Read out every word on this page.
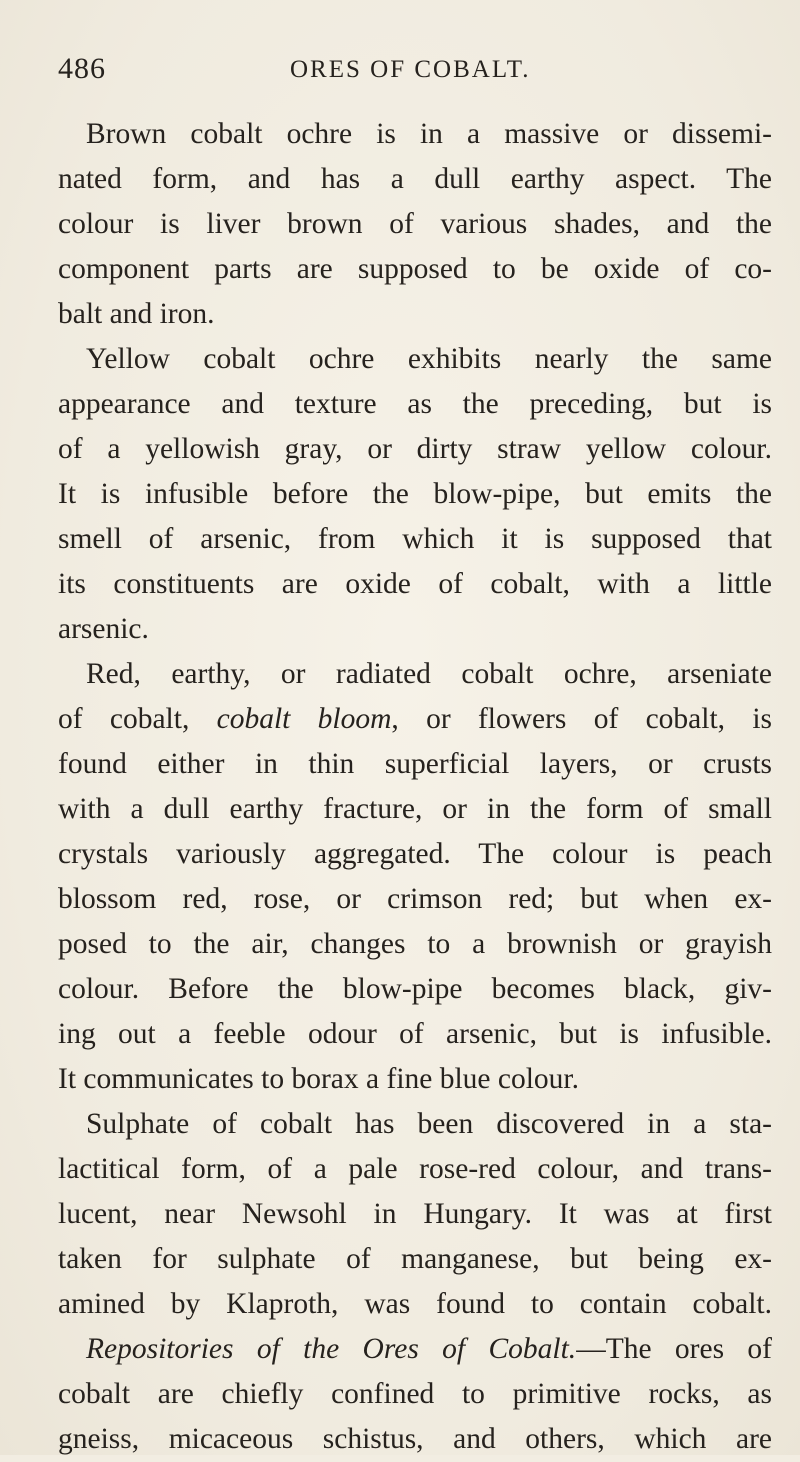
486	ORES OF COBALT.
Brown cobalt ochre is in a massive or dissemi-
nated form, and has a dull earthy aspect. The
colour is liver brown of various shades, and the
component parts are supposed to be oxide of co-
balt and iron.
Yellow cobalt ochre exhibits nearly the same
appearance and texture as the preceding, but is
of a yellowish gray, or dirty straw yellow colour.
It is infusible before the blow-pipe, but emits the
smell of arsenic, from which it is supposed that
its constituents are oxide of cobalt, with a little
arsenic.
Red, earthy, or radiated cobalt ochre, arseniate
of cobalt, cobalt bloom, or flowers of cobalt, is
found either in thin superficial layers, or crusts
with a dull earthy fracture, or in the form of small
crystals variously aggregated. The colour is peach
blossom red, rose, or crimson red; but when ex-
posed to the air, changes to a brownish or grayish
colour. Before the blow-pipe becomes black, giv-
ing out a feeble odour of arsenic, but is infusible.
It communicates to borax a fine blue colour.
Sulphate of cobalt has been discovered in a sta-
lactitical form, of a pale rose-red colour, and trans-
lucent, near Newsohl in Hungary. It was at first
taken for sulphate of manganese, but being ex-
amined by Klaproth, was found to contain cobalt.
Repositories of the Ores of Cobalt.—The ores of
cobalt are chiefly confined to primitive rocks, as
gneiss, micaceous schistus, and others, which are
